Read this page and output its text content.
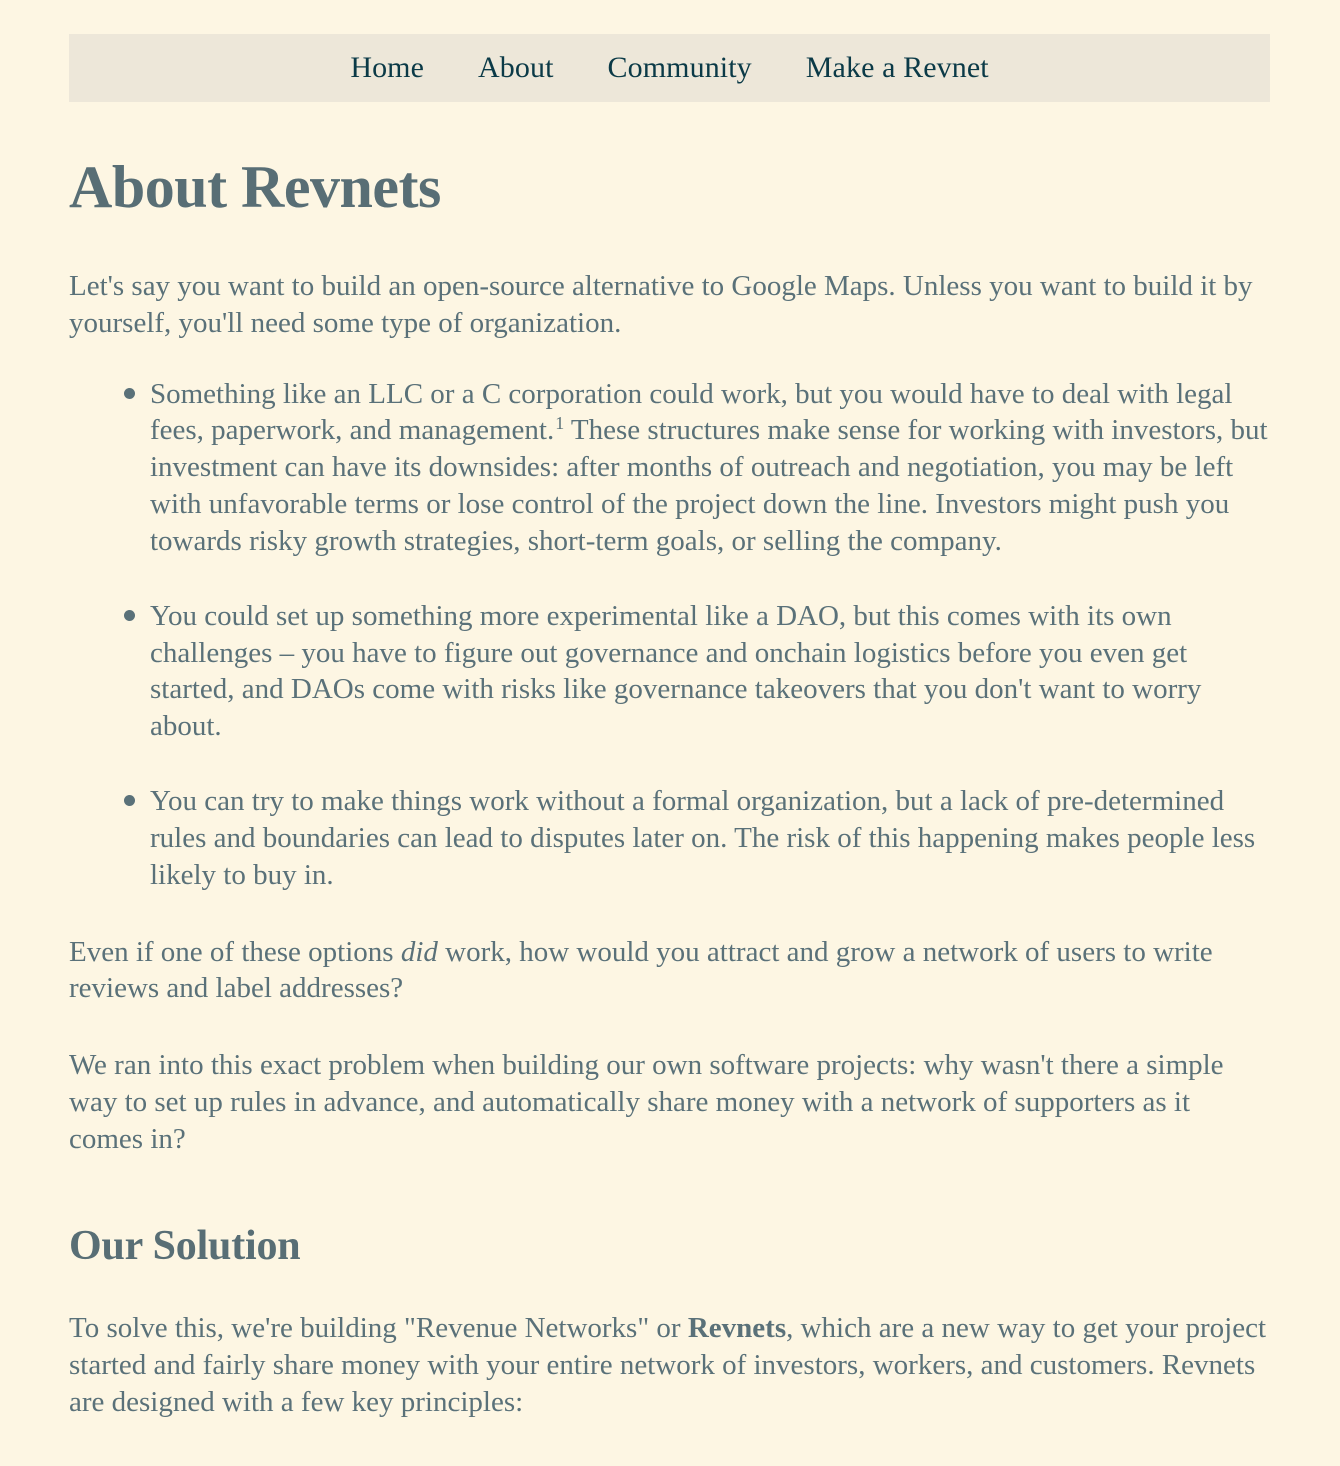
Home	About	Community	Make a Revnet
About Revnets

Let's say you want to build an open-source alternative to Google Maps. Unless you want to build it by yourself, you'll need some type of organization.

Something like an LLC or a C corporation could work, but you would have to deal with legal fees, paperwork, and management.$^1$ These structures make sense for working with investors, but investment can have its downsides: after months of outreach and negotiation, you may be left with unfavorable terms or lose control of the project down the line. Investors might push you towards risky growth strategies, short-term goals, or selling the company.
You could set up something more experimental like a DAO, but this comes with its own challenges – you have to figure out governance and onchain logistics before you even get started, and DAOs come with risks like governance takeovers that you don't want to worry about.
You can try to make things work without a formal organization, but a lack of pre-determined rules and boundaries can lead to disputes later on. The risk of this happening makes people less likely to buy in.

Even if one of these options did work, how would you attract and grow a network of users to write reviews and label addresses?

We ran into this exact problem when building our own software projects: why wasn't there a simple way to set up rules in advance, and automatically share money with a network of supporters as it comes in?

Our Solution

To solve this, we're building "Revenue Networks" or Revnets, which are a new way to get your project started and fairly share money with your entire network of investors, workers, and customers. Revnets are designed with a few key principles:
